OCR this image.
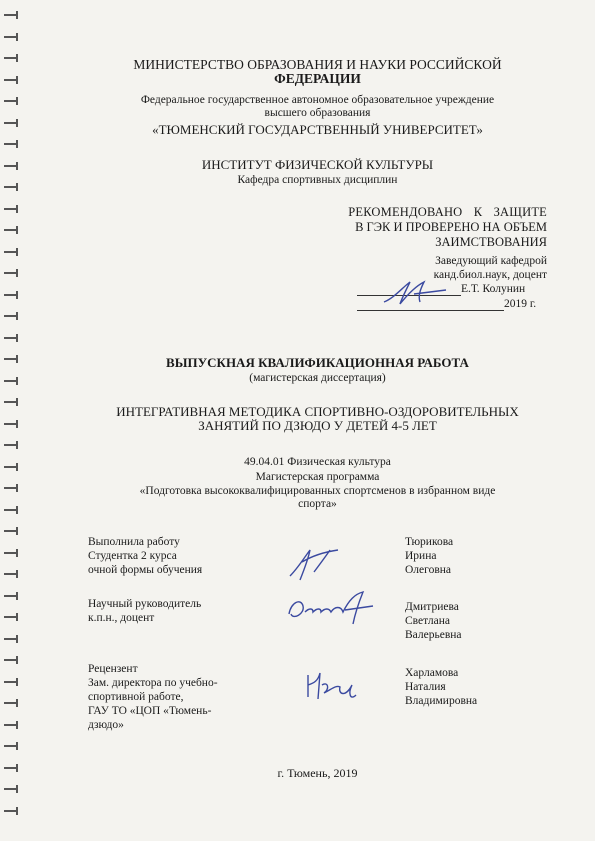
МИНИСТЕРСТВО ОБРАЗОВАНИЯ И НАУКИ РОССИЙСКОЙ
ФЕДЕРАЦИИ
Федеральное государственное автономное образовательное учреждение
высшего образования
«ТЮМЕНСКИЙ ГОСУДАРСТВЕННЫЙ УНИВЕРСИТЕТ»
ИНСТИТУТ ФИЗИЧЕСКОЙ КУЛЬТУРЫ
Кафедра спортивных дисциплин
РЕКОМЕНДОВАНО К ЗАЩИТЕ
В ГЭК И ПРОВЕРЕНО НА ОБЪЕМ
ЗАИМСТВОВАНИЯ
Заведующий кафедрой
канд.биол.наук, доцент
Е.Т. Колунин
2019 г.
ВЫПУСКНАЯ КВАЛИФИКАЦИОННАЯ РАБОТА
(магистерская диссертация)
ИНТЕГРАТИВНАЯ МЕТОДИКА СПОРТИВНО-ОЗДОРОВИТЕЛЬНЫХ
ЗАНЯТИЙ ПО ДЗЮДО У ДЕТЕЙ 4-5 ЛЕТ
49.04.01 Физическая культура
Магистерская программа
«Подготовка высококвалифицированных спортсменов в избранном виде
спорта»
Выполнила работу
Студентка 2 курса
очной формы обучения
Тюрикова
Ирина
Олеговна
Научный руководитель
к.п.н., доцент
Дмитриева
Светлана
Валерьевна
Рецензент
Зам. директора по учебно-
спортивной работе,
ГАУ ТО «ЦОП «Тюмень-
дзюдо»
Харламова
Наталия
Владимировна
г. Тюмень, 2019
